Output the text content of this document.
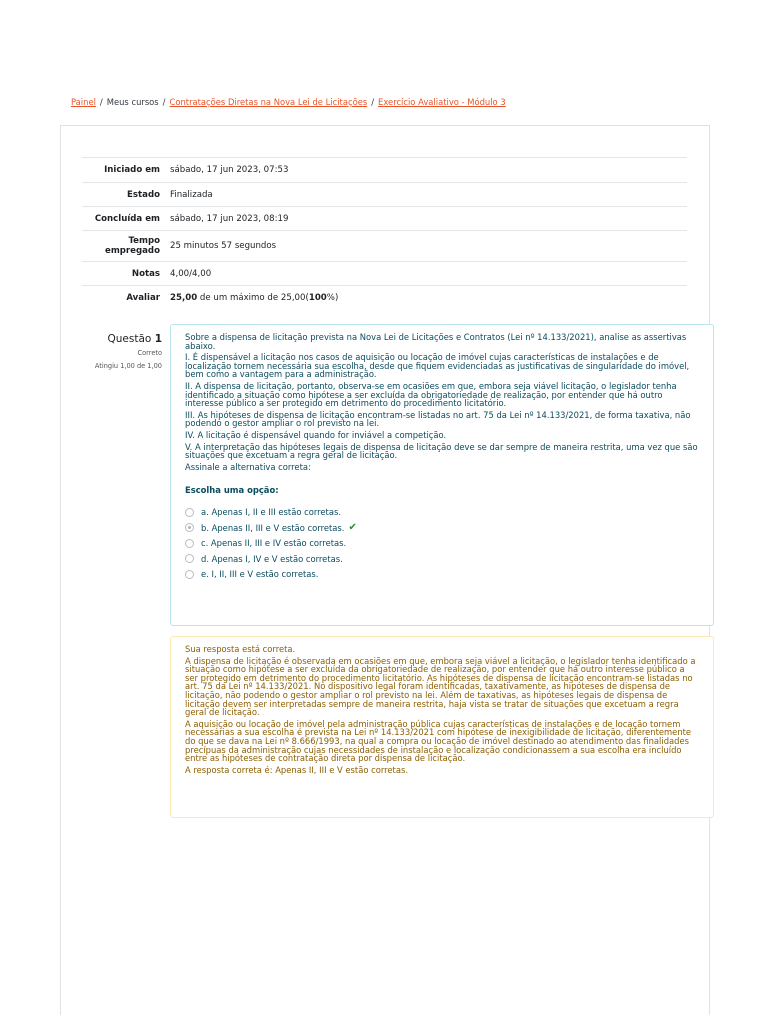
Painel / Meus cursos / Contratações Diretas na Nova Lei de Licitações / Exercício Avaliativo - Módulo 3
Iniciado em	sábado, 17 jun 2023, 07:53
Estado	Finalizada
Concluída em	sábado, 17 jun 2023, 08:19
Tempo empregado	25 minutos 57 segundos
Notas	4,00/4,00
Avaliar	25,00 de um máximo de 25,00(100%)
Questão 1
Correto
Atingiu 1,00 de 1,00

Sobre a dispensa de licitação prevista na Nova Lei de Licitações e Contratos (Lei nº 14.133/2021), analise as assertivas abaixo.

I. É dispensável a licitação nos casos de aquisição ou locação de imóvel cujas características de instalações e de localização tornem necessária sua escolha, desde que fiquem evidenciadas as justificativas de singularidade do imóvel, bem como a vantagem para a administração.

II. A dispensa de licitação, portanto, observa-se em ocasiões em que, embora seja viável licitação, o legislador tenha identificado a situação como hipótese a ser excluída da obrigatoriedade de realização, por entender que há outro interesse público a ser protegido em detrimento do procedimento licitatório.

III. As hipóteses de dispensa de licitação encontram-se listadas no art. 75 da Lei nº 14.133/2021, de forma taxativa, não podendo o gestor ampliar o rol previsto na lei.

IV. A licitação é dispensável quando for inviável a competição.

V. A interpretação das hipóteses legais de dispensa de licitação deve se dar sempre de maneira restrita, uma vez que são situações que excetuam a regra geral de licitação.

Assinale a alternativa correta:

Escolha uma opção:
a. Apenas I, II e III estão corretas.
b. Apenas II, III e V estão corretas. ✔
c. Apenas II, III e IV estão corretas.
d. Apenas I, IV e V estão corretas.
e. I, II, III e V estão corretas.

Sua resposta está correta.

A dispensa de licitação é observada em ocasiões em que, embora seja viável a licitação, o legislador tenha identificado a situação como hipótese a ser excluída da obrigatoriedade de realização, por entender que há outro interesse público a ser protegido em detrimento do procedimento licitatório. As hipóteses de dispensa de licitação encontram-se listadas no art. 75 da Lei nº 14.133/2021. No dispositivo legal foram identificadas, taxativamente, as hipóteses de dispensa de licitação, não podendo o gestor ampliar o rol previsto na lei. Além de taxativas, as hipóteses legais de dispensa de licitação devem ser interpretadas sempre de maneira restrita, haja vista se tratar de situações que excetuam a regra geral de licitação.

A aquisição ou locação de imóvel pela administração pública cujas características de instalações e de locação tornem necessárias a sua escolha é prevista na Lei nº 14.133/2021 com hipótese de inexigibilidade de licitação, diferentemente do que se dava na Lei nº 8.666/1993, na qual a compra ou locação de imóvel destinado ao atendimento das finalidades precípuas da administração cujas necessidades de instalação e localização condicionassem a sua escolha era incluído entre as hipóteses de contratação direta por dispensa de licitação.

A resposta correta é: Apenas II, III e V estão corretas.
